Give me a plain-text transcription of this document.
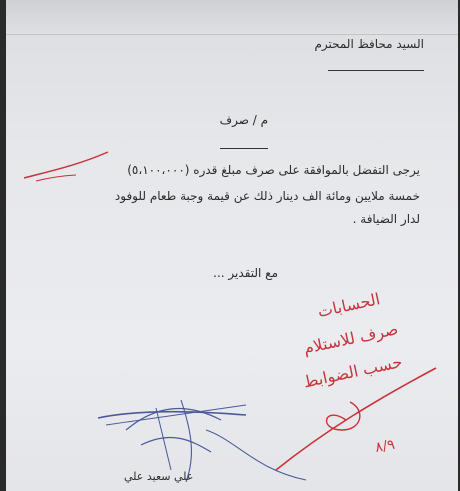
السيد محافظ المحترم
م / صرف
يرجى التفضل بالموافقة على صرف مبلغ قدره (٥،١٠٠،٠٠٠)
خمسة ملايين ومائة الف دينار ذلك عن قيمة وجبة طعام للوفود
لدار الضيافة .
مع التقدير ...
علي سعيد علي
الحسابات
صرف للاستلام
حسب الضوابط
٨/٩
